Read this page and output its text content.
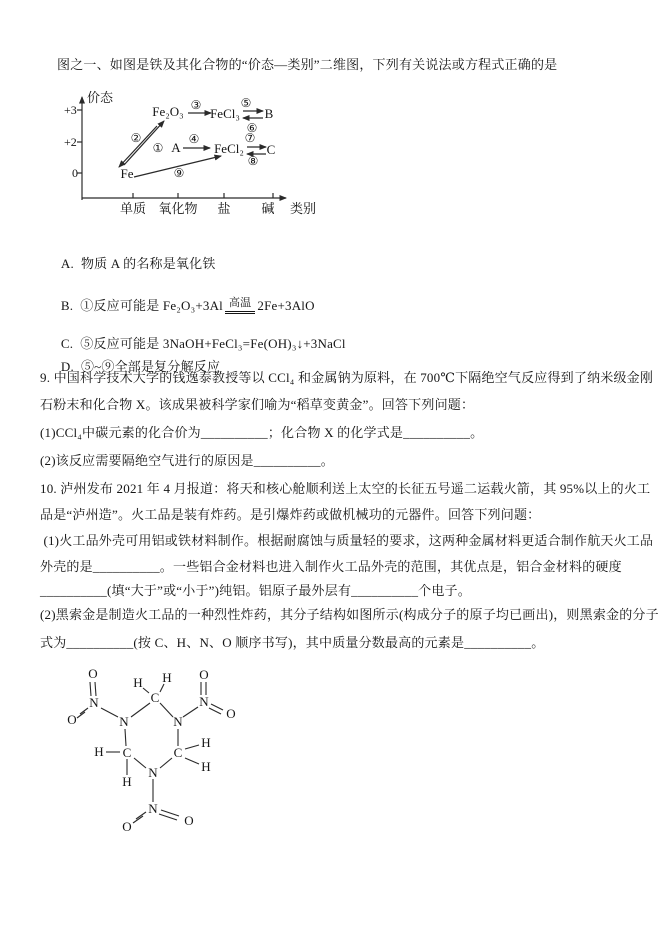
图之一、如图是铁及其化合物的“价态—类别”二维图，下列有关说法或方程式正确的是
价态
+3
+2
0
单质 氧化物 盐 碱 类别
Fe
Fe₂O₃ FeCl₃ B
A	FeCl₂ C
①
②
③
④
⑤
⑥
⑦
⑧
⑨

A. 物质 A 的名称是氧化铁

B. ①反应可能是 Fe₂O₃+3Al 高温 2Fe+3AlO

C. ⑤反应可能是 3NaOH+FeCl₃=Fe(OH)₃↓+3NaCl

D. ⑤~⑨全部是复分解反应

9. 中国科学技术大学的钱逸泰教授等以 CCl₄ 和金属钠为原料，在 700℃下隔绝空气反应得到了纳米级金刚
石粉末和化合物 X。该成果被科学家们喻为“稻草变黄金”。回答下列问题：
(1)CCl₄中碳元素的化合价为__________；化合物 X 的化学式是__________。
(2)该反应需要隔绝空气进行的原因是__________。
10. 泸州发布 2021 年 4 月报道：将天和核心舱顺利送上太空的长征五号遥二运载火箭，其 95%以上的火工
品是“泸州造”。火工品是装有炸药。是引爆炸药或做机械功的元器件。回答下列问题：
(1)火工品外壳可用铝或铁材料制作。根据耐腐蚀与质量轻的要求，这两种金属材料更适合制作航天火工品
外壳的是__________。一些铝合金材料也进入制作火工品外壳的范围，其优点是，铝合金材料的硬度
__________(填“大于”或“小于”)纯铝。铝原子最外层有__________个电子。
(2)黑索金是制造火工品的一种烈性炸药，其分子结构如图所示(构成分子的原子均已画出)，则黑索金的分子
式为__________(按 C、H、N、O 顺序书写)，其中质量分数最高的元素是__________。
C
H H
N	N
C	C
N
H
H
H
H
N
O
O
N
O
O
N
O	O
